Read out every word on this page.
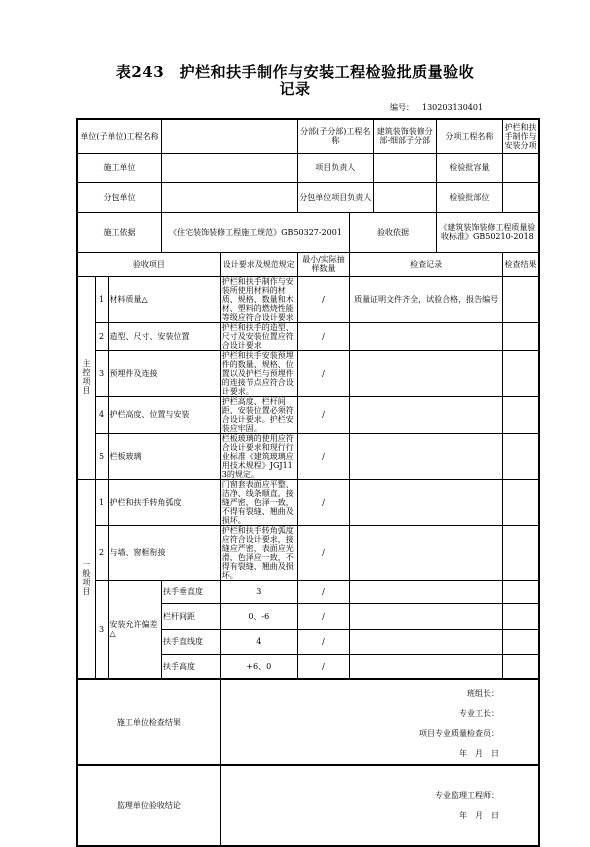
表243　护栏和扶手制作与安装工程检验批质量验收
记录
编号： 130203130401
单位(子单位)工程名称					分部(子分部)工程名称		建筑装饰装修分部-细部子分部	分项工程名称	护栏和扶手制作与安装分项
施工单位					项目负责人			检验批容量	
分包单位					分包单位项目负责人			检验批部位	
施工依据			《住宅装饰装修工程施工规范》GB50327-2001			验收依据		《建筑装饰装修工程质量验收标准》GB50210-2018	
验收项目				设计要求及规范规定	最小/实际抽样数量	检查记录			检查结果
主控项目	1	材料质量△		护栏和扶手制作与安装所使用材料的材质、规格、数量和木材、塑料的燃烧性能等级应符合设计要求	/	质量证明文件齐全，试验合格，报告编号			
	2	造型、尺寸、安装位置		护栏和扶手的造型、尺寸及安装位置应符合设计要求	/				
	3	预埋件及连接		护栏和扶手安装预埋件的数量、规格、位置以及护栏与预埋件的连接节点应符合设计要求。	/				
	4	护栏高度、位置与安装		护栏高度、栏杆间距、安装位置必须符合设计要求。护栏安装应牢固。	/				
	5	栏板玻璃		栏板玻璃的使用应符合设计要求和现行行业标准《建筑玻璃应用技术规程》JGJ113的规定。	/				
一般项目	1	护栏和扶手转角弧度		门窗套表面应平整、洁净、线条顺直，接缝严密，色泽一致，不得有裂缝、翘曲及损坏。	/				
	2	与墙、窗框衔接		护栏和扶手转角弧度应符合设计要求，接缝应严密，表面应光滑，色泽应一致，不得有裂缝、翘曲及损坏。	/				
	3	安装允许偏差△	扶手垂直度	3	/				
			栏杆间距	0、-6	/				
			扶手直线度	4	/				
			扶手高度	+6、0	/				
施工单位检查结果				班组长：
专业工长：
项目专业质量检查员：
年　月　日					

监理单位验收结论				专业监理工程师：
年　月　日					
